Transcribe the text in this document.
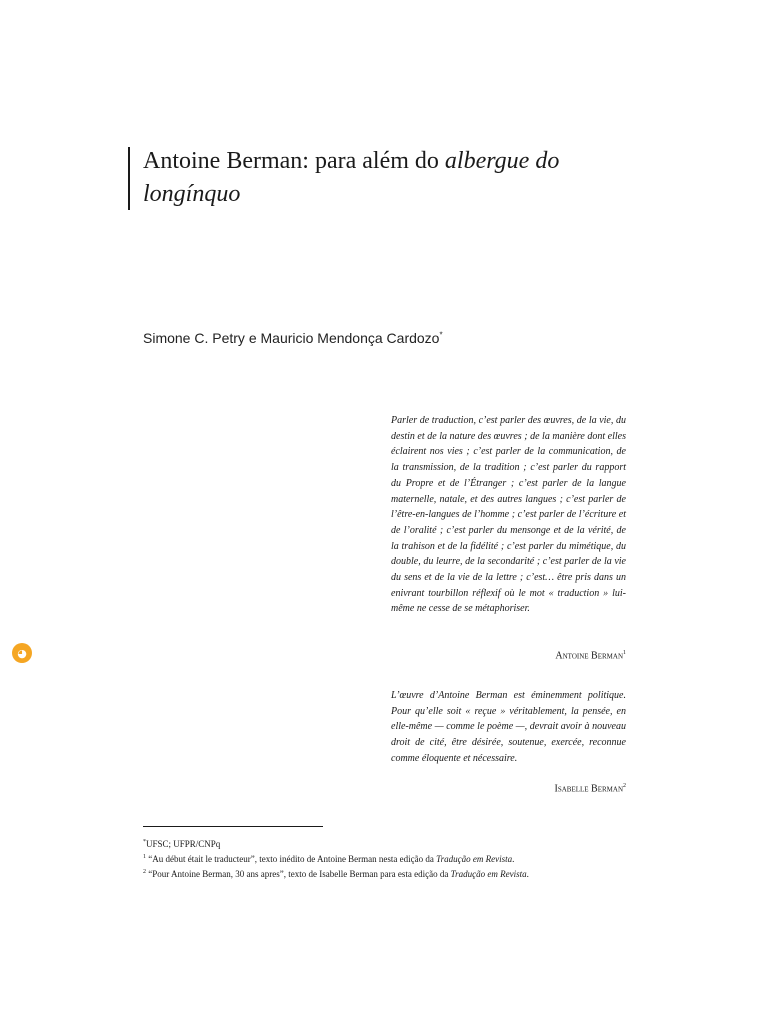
Antoine Berman: para além do albergue do longínquo
Simone C. Petry e Mauricio Mendonça Cardozo*
Parler de traduction, c’est parler des œuvres, de la vie, du destin et de la nature des œuvres ; de la manière dont elles éclairent nos vies ; c’est parler de la communication, de la transmission, de la tradition ; c’est parler du rapport du Propre et de l’Étranger ; c’est parler de la langue maternelle, natale, et des autres langues ; c’est parler de l’être-en-langues de l’homme ; c’est parler de l’écriture et de l’oralité ; c’est parler du mensonge et de la vérité, de la trahison et de la fidélité ; c’est parler du mimétique, du double, du leurre, de la secondarité ; c’est parler de la vie du sens et de la vie de la lettre ; c’est… être pris dans un enivrant tourbillon réflexif où le mot « traduction » lui-même ne cesse de se métaphoriser.
Antoine Berman$^1$
L’œuvre d’Antoine Berman est éminemment politique. Pour qu’elle soit « reçue » véritablement, la pensée, en elle-même — comme le poème —, devrait avoir à nouveau droit de cité, être désirée, soutenue, exercée, reconnue comme éloquente et nécessaire.
Isabelle Berman$^2$
*UFSC; UFPR/CNPq
$^1$ “Au début était le traducteur”, texto inédito de Antoine Berman nesta edição da Tradução em Revista.
$^2$ “Pour Antoine Berman, 30 ans apres”, texto de Isabelle Berman para esta edição da Tradução em Revista.
◕
